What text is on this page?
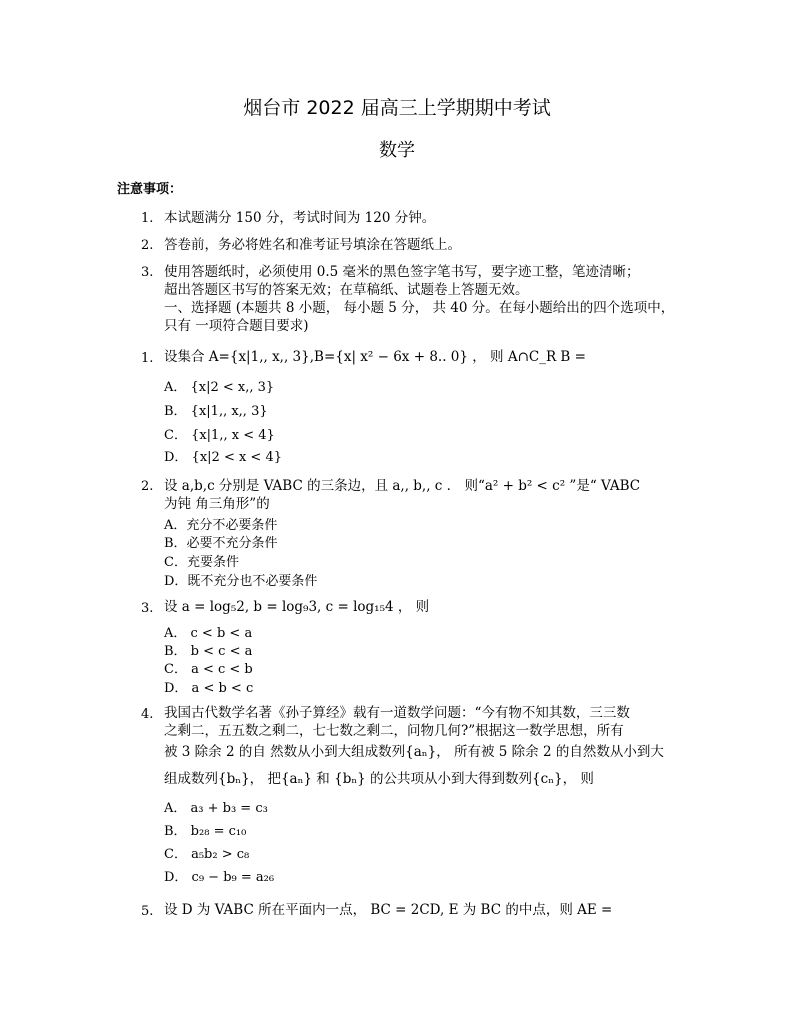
烟台市 2022 届高三上学期期中考试
数学
注意事项：
1. 本试题满分 150 分，考试时间为 120 分钟。
2. 答卷前，务必将姓名和准考证号填涂在答题纸上。
3. 使用答题纸时，必须使用 0.5 毫米的黑色签字笔书写，要字迹工整，笔迹清晰；
超出答题区书写的答案无效；在草稿纸、试题卷上答题无效。
一、选择题 (本题共 8 小题， 每小题 5 分， 共 40 分。在每小题给出的四个选项中，
只有 一项符合题目要求)
1. 设集合 A={x|1,, x,, 3},B={x| x² − 6x + 8.. 0} ， 则 A∩C_R B =
A． {x|2 < x,, 3}
B． {x|1,, x,, 3}
C． {x|1,, x < 4}
D． {x|2 < x < 4}
2. 设 a,b,c 分别是 VABC 的三条边，且 a,, b,, c ． 则“a² + b² < c² ”是“ VABC
为钝 角三角形”的
A．充分不必要条件
B．必要不充分条件
C．充要条件
D．既不充分也不必要条件
3. 设 a = log₅2, b = log₉3, c = log₁₅4 ， 则
A． c < b < a
B． b < c < a
C． a < c < b
D． a < b < c
4. 我国古代数学名著《孙子算经》载有一道数学问题：“今有物不知其数，三三数
之剩二，五五数之剩二，七七数之剩二，问物几何?”根据这一数学思想，所有
被 3 除余 2 的自 然数从小到大组成数列{aₙ}， 所有被 5 除余 2 的自然数从小到大
组成数列{bₙ}， 把{aₙ} 和 {bₙ} 的公共项从小到大得到数列{cₙ}， 则
A． a₃ + b₃ = c₃
B． b₂₈ = c₁₀
C． a₅b₂ > c₈
D． c₉ − b₉ = a₂₆
5. 设 D 为 VABC 所在平面内一点， BC = 2CD, E 为 BC 的中点，则 AE =
